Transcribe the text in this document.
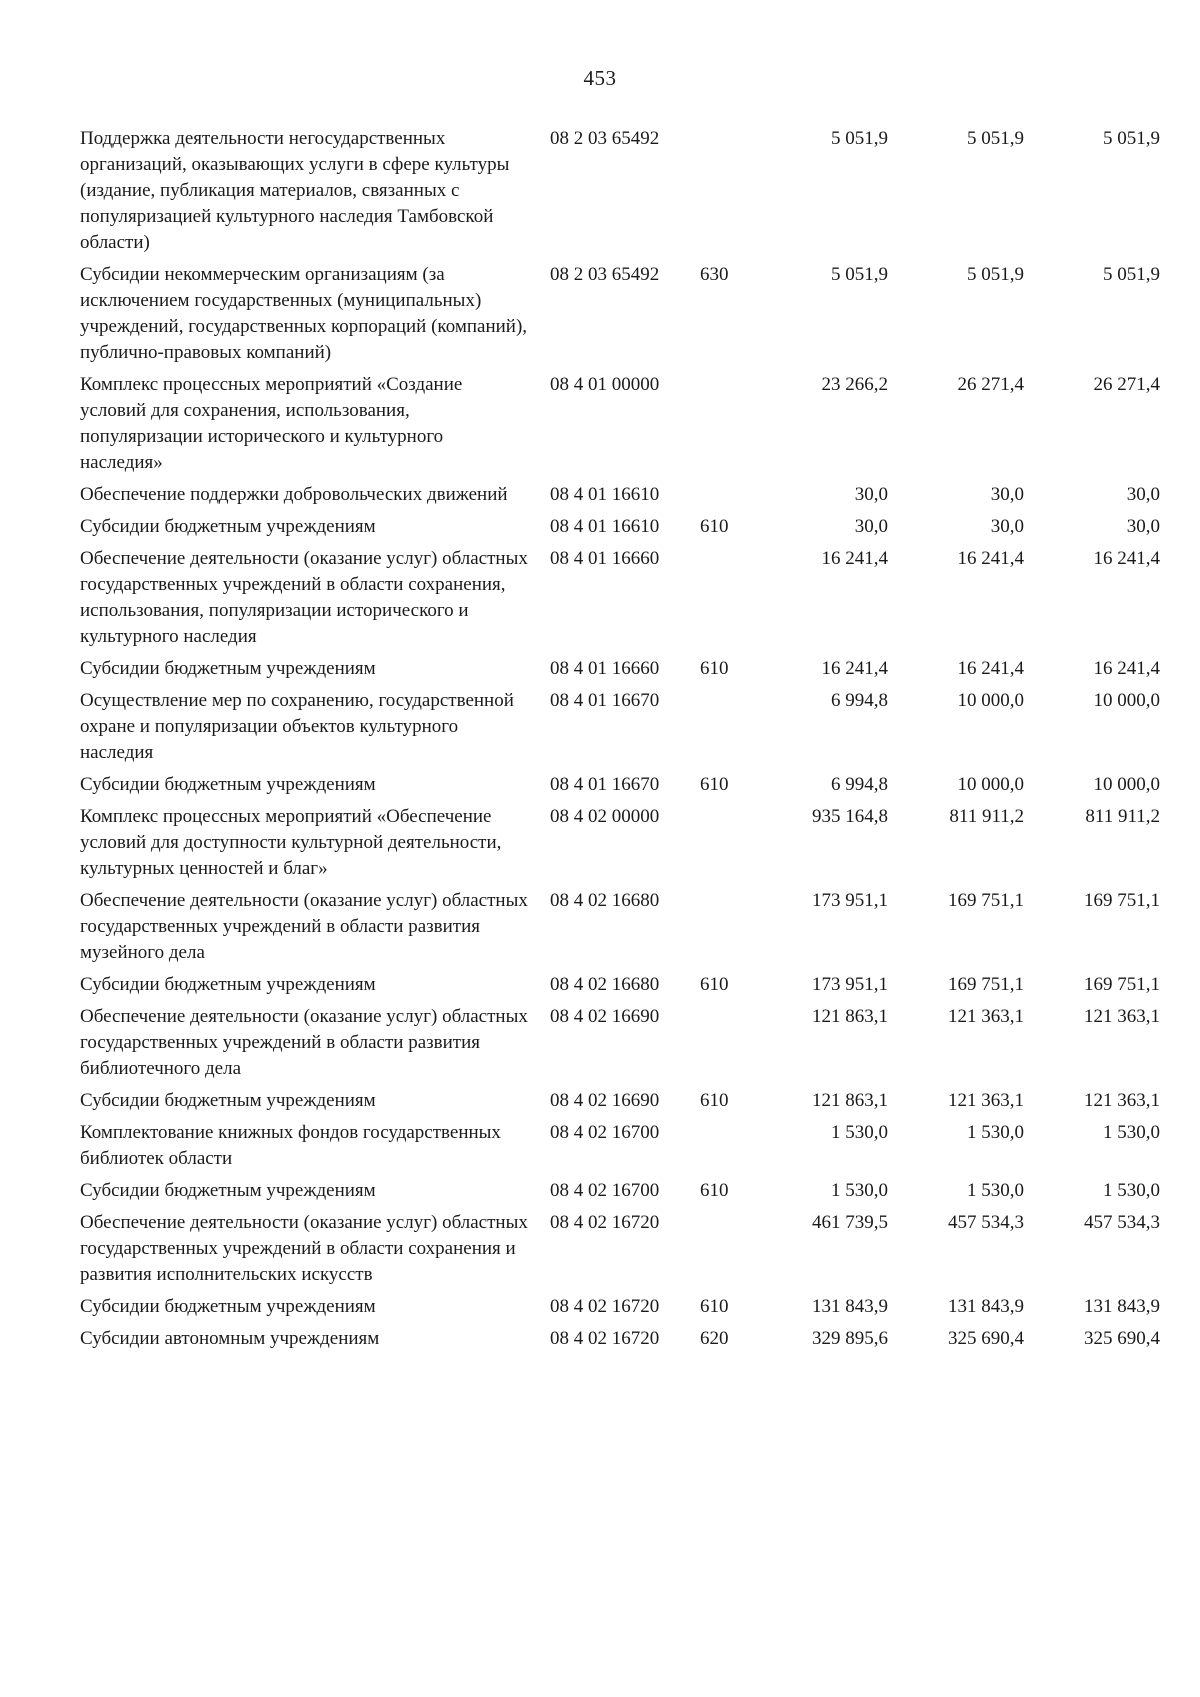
453
Поддержка деятельности негосударственных организаций, оказывающих услуги в сфере культуры (издание, публикация материалов, связанных с популяризацией культурного наследия Тамбовской области)	08 2 03 65492		5 051,9	5 051,9	5 051,9
Субсидии некоммерческим организациям (за исключением государственных (муниципальных) учреждений, государственных корпораций (компаний), публично-правовых компаний)	08 2 03 65492	630	5 051,9	5 051,9	5 051,9
Комплекс процессных мероприятий «Создание условий для сохранения, использования, популяризации исторического и культурного наследия»	08 4 01 00000		23 266,2	26 271,4	26 271,4
Обеспечение поддержки добровольческих движений	08 4 01 16610		30,0	30,0	30,0
Субсидии бюджетным учреждениям	08 4 01 16610	610	30,0	30,0	30,0
Обеспечение деятельности (оказание услуг) областных государственных учреждений в области сохранения, использования, популяризации исторического и культурного наследия	08 4 01 16660		16 241,4	16 241,4	16 241,4
Субсидии бюджетным учреждениям	08 4 01 16660	610	16 241,4	16 241,4	16 241,4
Осуществление мер по сохранению, государственной охране и популяризации объектов культурного наследия	08 4 01 16670		6 994,8	10 000,0	10 000,0
Субсидии бюджетным учреждениям	08 4 01 16670	610	6 994,8	10 000,0	10 000,0
Комплекс процессных мероприятий «Обеспечение условий для доступности культурной деятельности, культурных ценностей и благ»	08 4 02 00000		935 164,8	811 911,2	811 911,2
Обеспечение деятельности (оказание услуг) областных государственных учреждений в области развития музейного дела	08 4 02 16680		173 951,1	169 751,1	169 751,1
Субсидии бюджетным учреждениям	08 4 02 16680	610	173 951,1	169 751,1	169 751,1
Обеспечение деятельности (оказание услуг) областных государственных учреждений в области развития библиотечного дела	08 4 02 16690		121 863,1	121 363,1	121 363,1
Субсидии бюджетным учреждениям	08 4 02 16690	610	121 863,1	121 363,1	121 363,1
Комплектование книжных фондов государственных библиотек области	08 4 02 16700		1 530,0	1 530,0	1 530,0
Субсидии бюджетным учреждениям	08 4 02 16700	610	1 530,0	1 530,0	1 530,0
Обеспечение деятельности (оказание услуг) областных государственных учреждений в области сохранения и развития исполнительских искусств	08 4 02 16720		461 739,5	457 534,3	457 534,3
Субсидии бюджетным учреждениям	08 4 02 16720	610	131 843,9	131 843,9	131 843,9
Субсидии автономным учреждениям	08 4 02 16720	620	329 895,6	325 690,4	325 690,4
